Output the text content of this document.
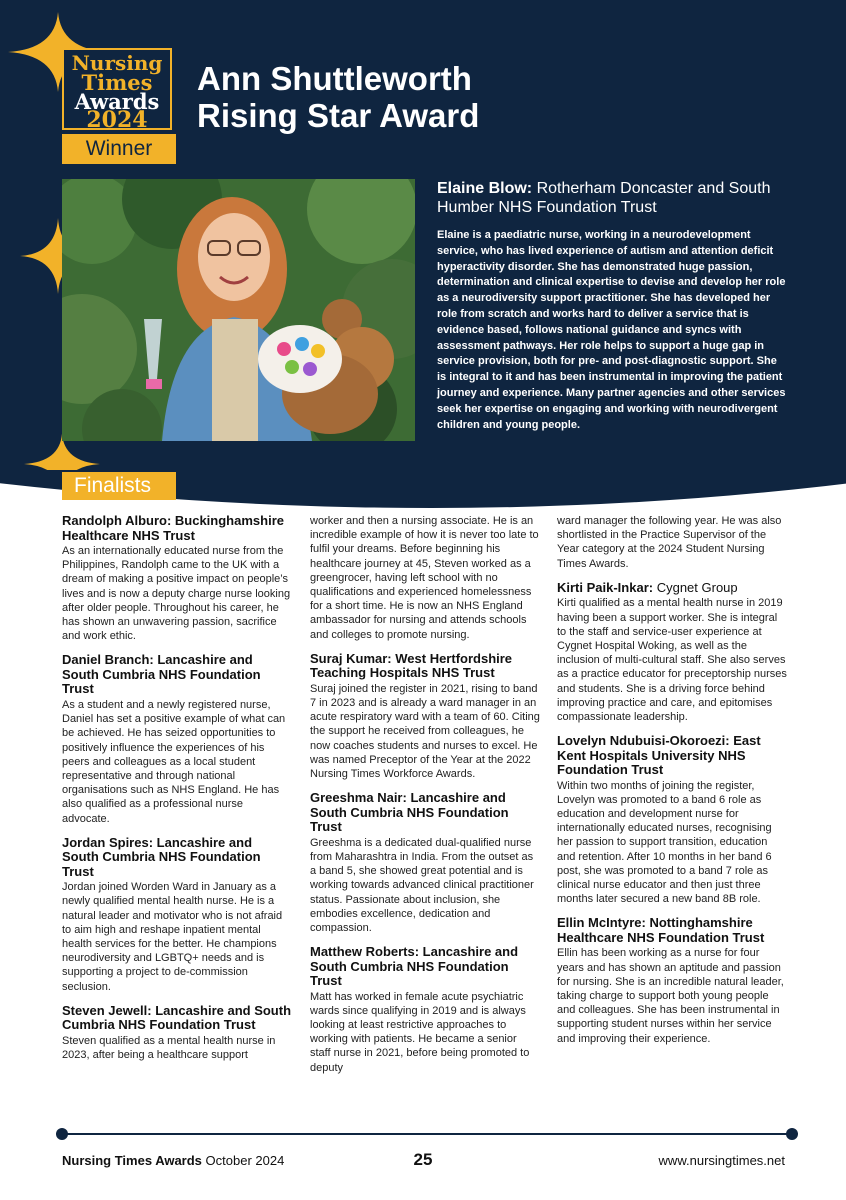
Nursing
Times
Awards
2024
Winner
Ann Shuttleworth
Rising Star Award
Elaine Blow: Rotherham Doncaster and South Humber NHS Foundation Trust
Elaine is a paediatric nurse, working in a neurodevelopment service, who has lived experience of autism and attention deficit hyperactivity disorder. She has demonstrated huge passion, determination and clinical expertise to devise and develop her role as a neurodiversity support practitioner. She has developed her role from scratch and works hard to deliver a service that is evidence based, follows national guidance and syncs with assessment pathways. Her role helps to support a huge gap in service provision, both for pre- and post-diagnostic support. She is integral to it and has been instrumental in improving the patient journey and experience. Many partner agencies and other services seek her expertise on engaging and working with neurodivergent children and young people.
Finalists
Randolph Alburo: Buckinghamshire Healthcare NHS Trust
As an internationally educated nurse from the Philippines, Randolph came to the UK with a dream of making a positive impact on people’s lives and is now a deputy charge nurse looking after older people. Throughout his career, he has shown an unwavering passion, sacrifice and work ethic.
Daniel Branch: Lancashire and South Cumbria NHS Foundation Trust
As a student and a newly registered nurse, Daniel has set a positive example of what can be achieved. He has seized opportunities to positively influence the experiences of his peers and colleagues as a local student representative and through national organisations such as NHS England. He has also qualified as a professional nurse advocate.
Jordan Spires: Lancashire and South Cumbria NHS Foundation Trust
Jordan joined Worden Ward in January as a newly qualified mental health nurse. He is a natural leader and motivator who is not afraid to aim high and reshape inpatient mental health services for the better. He champions neurodiversity and LGBTQ+ needs and is supporting a project to de-commission seclusion.
Steven Jewell: Lancashire and South Cumbria NHS Foundation Trust
Steven qualified as a mental health nurse in 2023, after being a healthcare support
worker and then a nursing associate. He is an incredible example of how it is never too late to fulfil your dreams. Before beginning his healthcare journey at 45, Steven worked as a greengrocer, having left school with no qualifications and experienced homelessness for a short time. He is now an NHS England ambassador for nursing and attends schools and colleges to promote nursing.
Suraj Kumar: West Hertfordshire Teaching Hospitals NHS Trust
Suraj joined the register in 2021, rising to band 7 in 2023 and is already a ward manager in an acute respiratory ward with a team of 60. Citing the support he received from colleagues, he now coaches students and nurses to excel. He was named Preceptor of the Year at the 2022 Nursing Times Workforce Awards.
Greeshma Nair: Lancashire and South Cumbria NHS Foundation Trust
Greeshma is a dedicated dual-qualified nurse from Maharashtra in India. From the outset as a band 5, she showed great potential and is working towards advanced clinical practitioner status. Passionate about inclusion, she embodies excellence, dedication and compassion.
Matthew Roberts: Lancashire and South Cumbria NHS Foundation Trust
Matt has worked in female acute psychiatric wards since qualifying in 2019 and is always looking at least restrictive approaches to working with patients. He became a senior staff nurse in 2021, before being promoted to deputy
ward manager the following year. He was also shortlisted in the Practice Supervisor of the Year category at the 2024 Student Nursing Times Awards.
Kirti Paik-Inkar: Cygnet Group
Kirti qualified as a mental health nurse in 2019 having been a support worker. She is integral to the staff and service-user experience at Cygnet Hospital Woking, as well as the inclusion of multi-cultural staff. She also serves as a practice educator for preceptorship nurses and students. She is a driving force behind improving practice and care, and epitomises compassionate leadership.
Lovelyn Ndubuisi-Okoroezi: East Kent Hospitals University NHS Foundation Trust
Within two months of joining the register, Lovelyn was promoted to a band 6 role as education and development nurse for internationally educated nurses, recognising her passion to support transition, education and retention. After 10 months in her band 6 post, she was promoted to a band 7 role as clinical nurse educator and then just three months later secured a new band 8B role.
Ellin McIntyre: Nottinghamshire Healthcare NHS Foundation Trust
Ellin has been working as a nurse for four years and has shown an aptitude and passion for nursing. She is an incredible natural leader, taking charge to support both young people and colleagues. She has been instrumental in supporting student nurses within her service and improving their experience.
Nursing Times Awards October 2024	25	www.nursingtimes.net
